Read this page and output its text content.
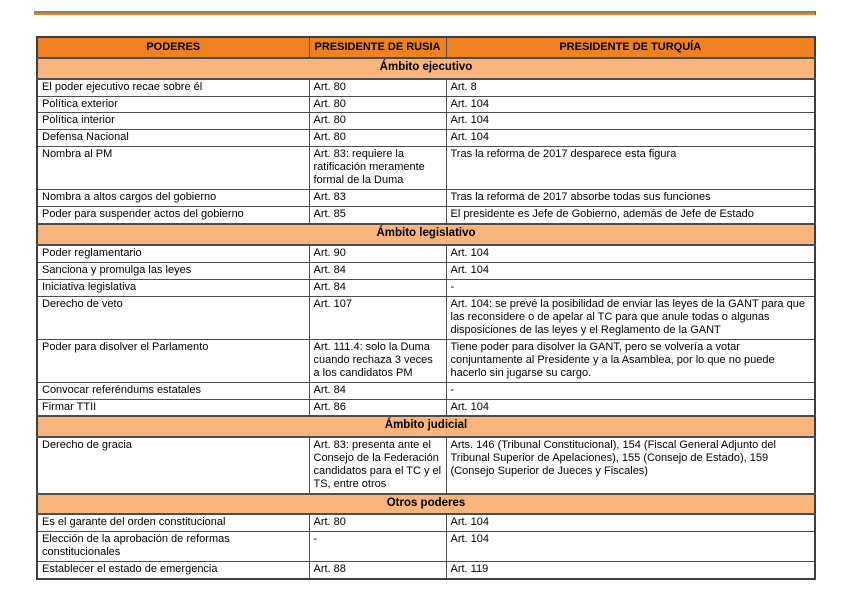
PODERES	PRESIDENTE DE RUSIA	PRESIDENTE DE TURQUÍA
Ámbito ejecutivo		
El poder ejecutivo recae sobre él	Art. 80	Art. 8
Política exterior	Art. 80	Art. 104
Política interior	Art. 80	Art. 104
Defensa Nacional	Art. 80	Art. 104
Nombra al PM	Art. 83: requiere la ratificación meramente formal de la Duma	Tras la reforma de 2017 desparece esta figura
Nombra a altos cargos del gobierno	Art. 83	Tras la reforma de 2017 absorbe todas sus funciones
Poder para suspender actos del gobierno	Art. 85	El presidente es Jefe de Gobierno, además de Jefe de Estado
Ámbito legislativo		
Poder reglamentario	Art. 90	Art. 104
Sanciona y promulga las leyes	Art. 84	Art. 104
Iniciativa legislativa	Art. 84	-
Derecho de veto	Art. 107	Art. 104: se prevé la posibilidad de enviar las leyes de la GANT para que las reconsidere o de apelar al TC para que anule todas o algunas disposiciones de las leyes y el Reglamento de la GANT
Poder para disolver el Parlamento	Art. 111.4: solo la Duma cuando rechaza 3 veces a los candidatos PM	Tiene poder para disolver la GANT, pero se volvería a votar conjuntamente al Presidente y a la Asamblea, por lo que no puede hacerlo sin jugarse su cargo.
Convocar referéndums estatales	Art. 84	-
Firmar TTII	Art. 86	Art. 104
Ámbito judicial		
Derecho de gracia	Art. 83: presenta ante el Consejo de la Federación candidatos para el TC y el TS, entre otros	Arts. 146 (Tribunal Constitucional), 154 (Fiscal General Adjunto del Tribunal Superior de Apelaciones), 155 (Consejo de Estado), 159 (Consejo Superior de Jueces y Fiscales)
Otros poderes		
Es el garante del orden constitucional	Art. 80	Art. 104
Elección de la aprobación de reformas constitucionales	-	Art. 104
Establecer el estado de emergencia	Art. 88	Art. 119
